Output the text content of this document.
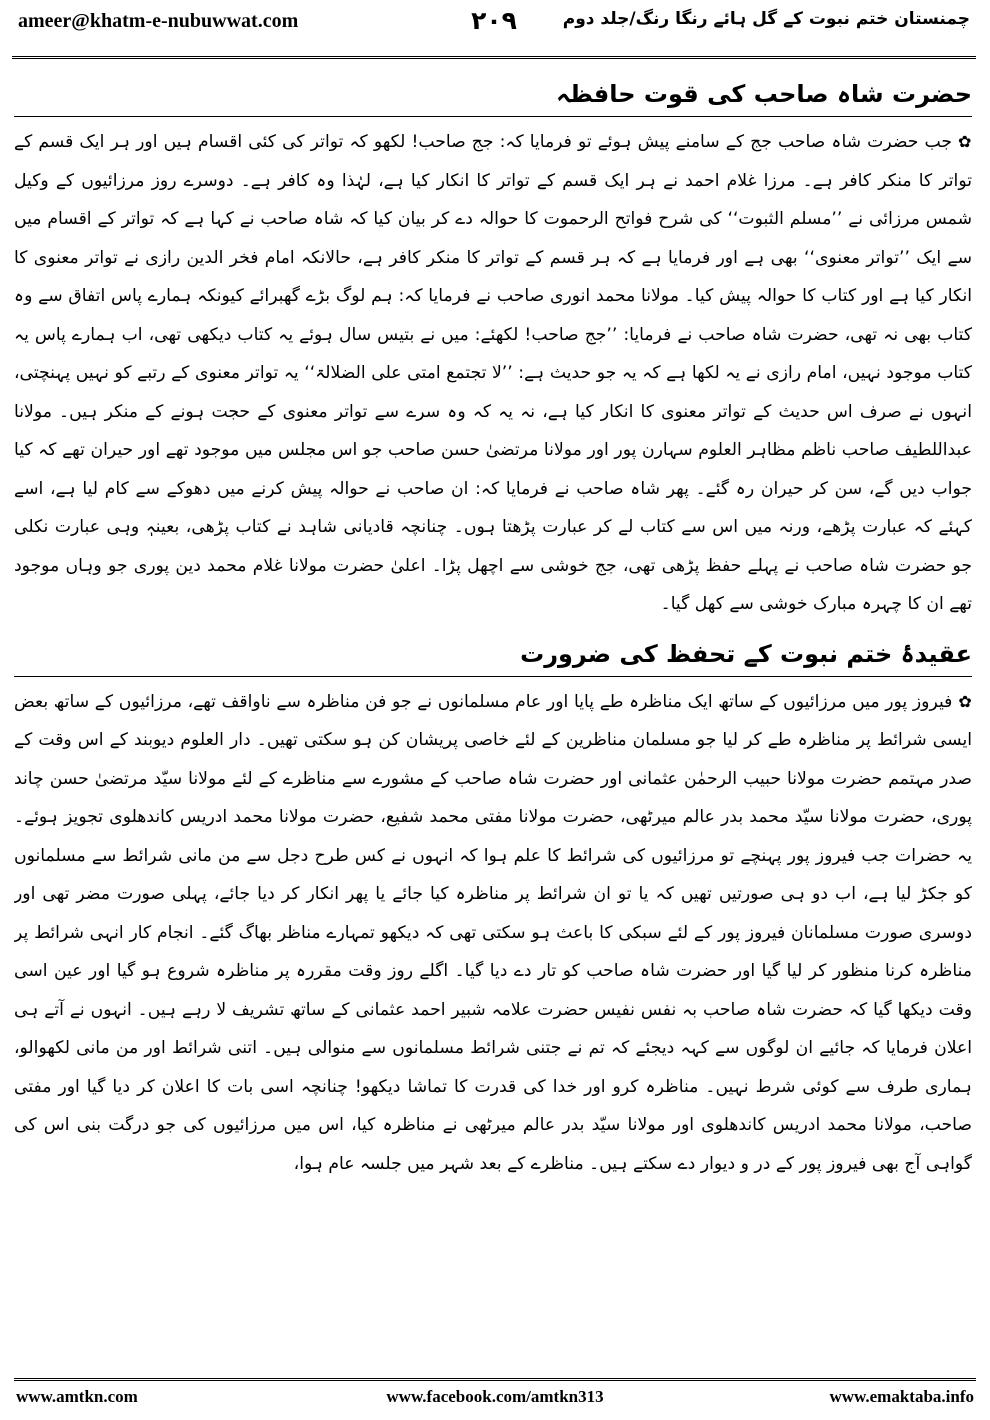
ameer@khatm-e-nubuwwat.com	۲۰۹	چمنستان ختم نبوت کے گل ہائے رنگا رنگ/جلد دوم
حضرت شاہ صاحب کی قوت حافظہ

✿جب حضرت شاہ صاحب جج کے سامنے پیش ہوئے تو فرمایا کہ: جج صاحب! لکھو کہ تواتر کی کئی اقسام ہیں اور ہر ایک قسم کے تواتر کا منکر کافر ہے۔ مرزا غلام احمد نے ہر ایک قسم کے تواتر کا انکار کیا ہے، لہٰذا وہ کافر ہے۔ دوسرے روز مرزائیوں کے وکیل شمس مرزائی نے ’’مسلم الثبوت‘‘ کی شرح فواتح الرحموت کا حوالہ دے کر بیان کیا کہ شاہ صاحب نے کہا ہے کہ تواتر کے اقسام میں سے ایک ’’تواتر معنوی‘‘ بھی ہے اور فرمایا ہے کہ ہر قسم کے تواتر کا منکر کافر ہے، حالانکہ امام فخر الدین رازی نے تواتر معنوی کا انکار کیا ہے اور کتاب کا حوالہ پیش کیا۔ مولانا محمد انوری صاحب نے فرمایا کہ: ہم لوگ بڑے گھبرائے کیونکہ ہمارے پاس اتفاق سے وہ کتاب بھی نہ تھی، حضرت شاہ صاحب نے فرمایا: ’’جج صاحب! لکھئے: میں نے بتیس سال ہوئے یہ کتاب دیکھی تھی، اب ہمارے پاس یہ کتاب موجود نہیں، امام رازی نے یہ لکھا ہے کہ یہ جو حدیث ہے: ’’لا تجتمع امتی علی الضلالۃ‘‘ یہ تواتر معنوی کے رتبے کو نہیں پہنچتی، انہوں نے صرف اس حدیث کے تواتر معنوی کا انکار کیا ہے، نہ یہ کہ وہ سرے سے تواتر معنوی کے حجت ہونے کے منکر ہیں۔ مولانا عبداللطیف صاحب ناظم مظاہر العلوم سہارن پور اور مولانا مرتضیٰ حسن صاحب جو اس مجلس میں موجود تھے اور حیران تھے کہ کیا جواب دیں گے، سن کر حیران رہ گئے۔ پھر شاہ صاحب نے فرمایا کہ: ان صاحب نے حوالہ پیش کرنے میں دھوکے سے کام لیا ہے، اسے کہئے کہ عبارت پڑھے، ورنہ میں اس سے کتاب لے کر عبارت پڑھتا ہوں۔ چنانچہ قادیانی شاہد نے کتاب پڑھی، بعینہٖ وہی عبارت نکلی جو حضرت شاہ صاحب نے پہلے حفظ پڑھی تھی، جج خوشی سے اچھل پڑا۔ اعلیٰ حضرت مولانا غلام محمد دین پوری جو وہاں موجود تھے ان کا چہرہ مبارک خوشی سے کھل گیا۔

عقیدۂ ختم نبوت کے تحفظ کی ضرورت

✿فیروز پور میں مرزائیوں کے ساتھ ایک مناظرہ طے پایا اور عام مسلمانوں نے جو فن مناظرہ سے ناواقف تھے، مرزائیوں کے ساتھ بعض ایسی شرائط پر مناظرہ طے کر لیا جو مسلمان مناظرین کے لئے خاصی پریشان کن ہو سکتی تھیں۔ دار العلوم دیوبند کے اس وقت کے صدر مہتمم حضرت مولانا حبیب الرحمٰن عثمانی اور حضرت شاہ صاحب کے مشورے سے مناظرے کے لئے مولانا سیّد مرتضیٰ حسن چاند پوری، حضرت مولانا سیّد محمد بدر عالم میرٹھی، حضرت مولانا مفتی محمد شفیع، حضرت مولانا محمد ادریس کاندھلوی تجویز ہوئے۔ یہ حضرات جب فیروز پور پہنچے تو مرزائیوں کی شرائط کا علم ہوا کہ انہوں نے کس طرح دجل سے من مانی شرائط سے مسلمانوں کو جکڑ لیا ہے، اب دو ہی صورتیں تھیں کہ یا تو ان شرائط پر مناظرہ کیا جائے یا پھر انکار کر دیا جائے، پہلی صورت مضر تھی اور دوسری صورت مسلمانان فیروز پور کے لئے سبکی کا باعث ہو سکتی تھی کہ دیکھو تمہارے مناظر بھاگ گئے۔ انجام کار انہی شرائط پر مناظرہ کرنا منظور کر لیا گیا اور حضرت شاہ صاحب کو تار دے دیا گیا۔ اگلے روز وقت مقررہ پر مناظرہ شروع ہو گیا اور عین اسی وقت دیکھا گیا کہ حضرت شاہ صاحب بہ نفس نفیس حضرت علامہ شبیر احمد عثمانی کے ساتھ تشریف لا رہے ہیں۔ انہوں نے آتے ہی اعلان فرمایا کہ جائیے ان لوگوں سے کہہ دیجئے کہ تم نے جتنی شرائط مسلمانوں سے منوالی ہیں۔ اتنی شرائط اور من مانی لکھوالو، ہماری طرف سے کوئی شرط نہیں۔ مناظرہ کرو اور خدا کی قدرت کا تماشا دیکھو! چنانچہ اسی بات کا اعلان کر دیا گیا اور مفتی صاحب، مولانا محمد ادریس کاندھلوی اور مولانا سیّد بدر عالم میرٹھی نے مناظرہ کیا، اس میں مرزائیوں کی جو درگت بنی اس کی گواہی آج بھی فیروز پور کے در و دیوار دے سکتے ہیں۔ مناظرے کے بعد شہر میں جلسہ عام ہوا،

www.amtkn.com	www.facebook.com/amtkn313	www.emaktaba.info
